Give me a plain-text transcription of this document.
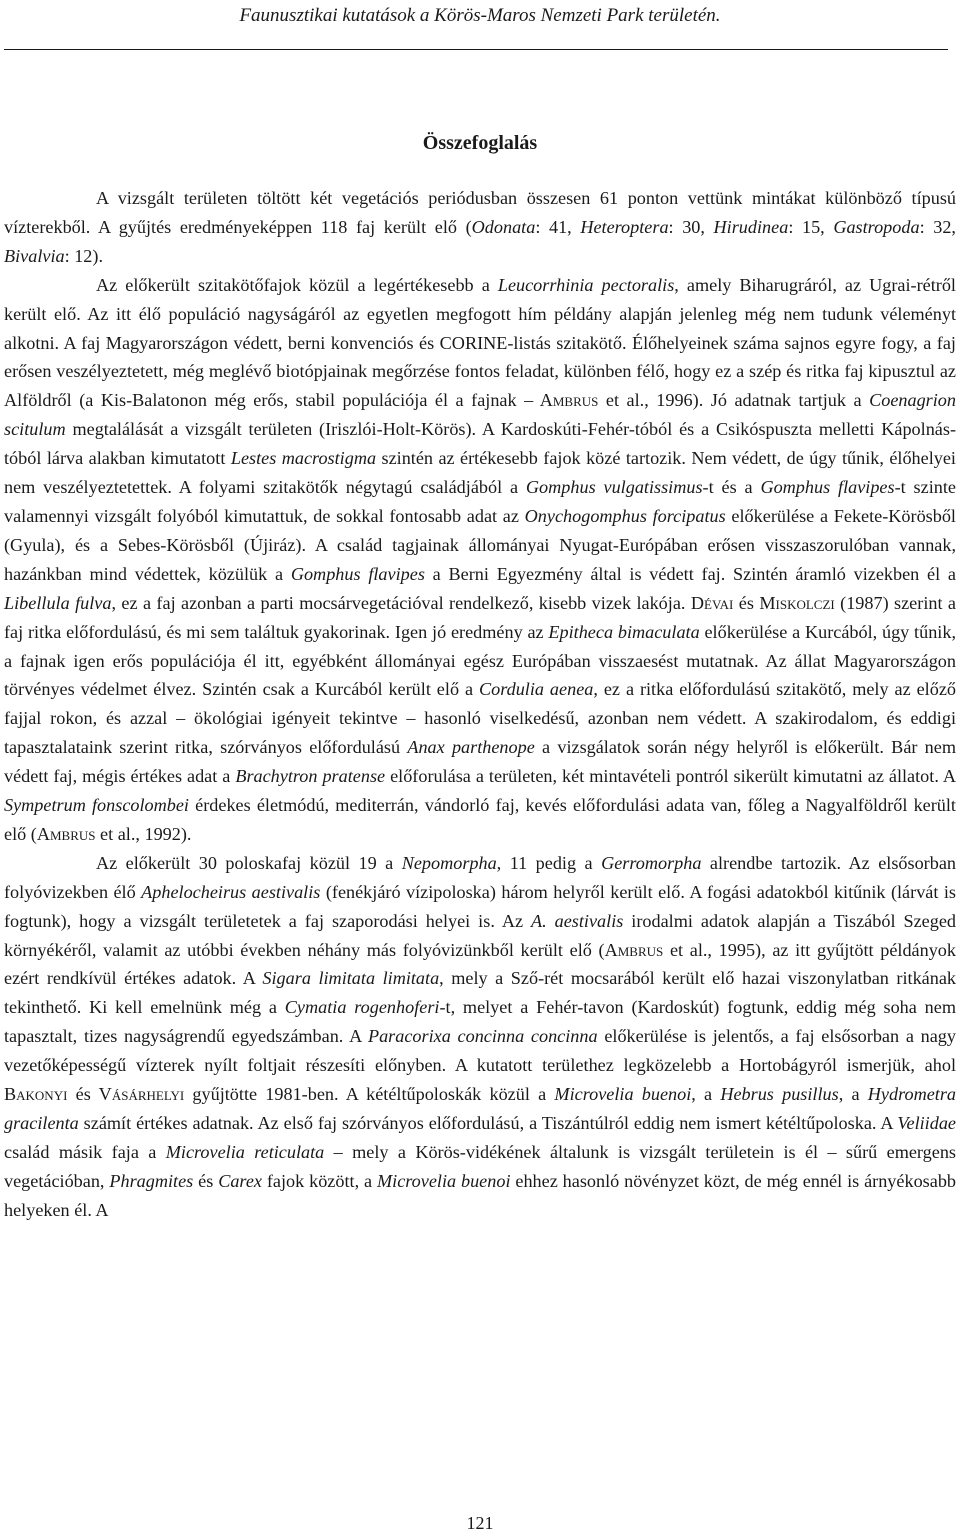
Faunusztikai kutatások a Körös-Maros Nemzeti Park területén.
Összefoglalás

A vizsgált területen töltött két vegetációs periódusban összesen 61 ponton vettünk mintákat különböző típusú vízterekből. A gyűjtés eredményeképpen 118 faj került elő (Odonata: 41, Heteroptera: 30, Hirudinea: 15, Gastropoda: 32, Bivalvia: 12).

Az előkerült szitakötőfajok közül a legértékesebb a Leucorrhinia pectoralis, amely Biharugráról, az Ugrai-rétről került elő. Az itt élő populáció nagyságáról az egyetlen megfogott hím példány alapján jelenleg még nem tudunk véleményt alkotni. A faj Magyarországon védett, berni konvenciós és CORINE-listás szitakötő. Élőhelyeinek száma sajnos egyre fogy, a faj erősen veszélyeztetett, még meglévő biotópjainak megőrzése fontos feladat, különben félő, hogy ez a szép és ritka faj kipusztul az Alföldről (a Kis-Balatonon még erős, stabil populációja él a fajnak – Ambrus et al., 1996). Jó adatnak tartjuk a Coenagrion scitulum megtalálását a vizsgált területen (Iriszlói-Holt-Körös). A Kardoskúti-Fehér-tóból és a Csikóspuszta melletti Kápolnás-tóból lárva alakban kimutatott Lestes macrostigma szintén az értékesebb fajok közé tartozik. Nem védett, de úgy tűnik, élőhelyei nem veszélyeztetettek. A folyami szitakötők négytagú családjából a Gomphus vulgatissimus-t és a Gomphus flavipes-t szinte valamennyi vizsgált folyóból kimutattuk, de sokkal fontosabb adat az Onychogomphus forcipatus előkerülése a Fekete-Körösből (Gyula), és a Sebes-Körösből (Újiráz). A család tagjainak állományai Nyugat-Európában erősen visszaszorulóban vannak, hazánkban mind védettek, közülük a Gomphus flavipes a Berni Egyezmény által is védett faj. Szintén áramló vizekben él a Libellula fulva, ez a faj azonban a parti mocsárvegetációval rendelkező, kisebb vizek lakója. Dévai és Miskolczi (1987) szerint a faj ritka előfordulású, és mi sem találtuk gyakorinak. Igen jó eredmény az Epitheca bimaculata előkerülése a Kurcából, úgy tűnik, a fajnak igen erős populációja él itt, egyébként állományai egész Európában visszaesést mutatnak. Az állat Magyarországon törvényes védelmet élvez. Szintén csak a Kurcából került elő a Cordulia aenea, ez a ritka előfordulású szitakötő, mely az előző fajjal rokon, és azzal – ökológiai igényeit tekintve – hasonló viselkedésű, azonban nem védett. A szakirodalom, és eddigi tapasztalataink szerint ritka, szórványos előfordulású Anax parthenope a vizsgálatok során négy helyről is előkerült. Bár nem védett faj, mégis értékes adat a Brachytron pratense előforulása a területen, két mintavételi pontról sikerült kimutatni az állatot. A Sympetrum fonscolombei érdekes életmódú, mediterrán, vándorló faj, kevés előfordulási adata van, főleg a Nagyalföldről került elő (Ambrus et al., 1992).

Az előkerült 30 poloskafaj közül 19 a Nepomorpha, 11 pedig a Gerromorpha alrendbe tartozik. Az elsősorban folyóvizekben élő Aphelocheirus aestivalis (fenékjáró vízipoloska) három helyről került elő. A fogási adatokból kitűnik (lárvát is fogtunk), hogy a vizsgált területetek a faj szaporodási helyei is. Az A. aestivalis irodalmi adatok alapján a Tiszából Szeged környékéről, valamit az utóbbi években néhány más folyóvizünkből került elő (Ambrus et al., 1995), az itt gyűjtött példányok ezért rendkívül értékes adatok. A Sigara limitata limitata, mely a Sző-rét mocsarából került elő hazai viszonylatban ritkának tekinthető. Ki kell emelnünk még a Cymatia rogenhoferi-t, melyet a Fehér-tavon (Kardoskút) fogtunk, eddig még soha nem tapasztalt, tizes nagyságrendű egyedszámban. A Paracorixa concinna concinna előkerülése is jelentős, a faj elsősorban a nagy vezetőképességű vízterek nyílt foltjait részesíti előnyben. A kutatott területhez legközelebb a Hortobágyról ismerjük, ahol Bakonyi és Vásárhelyi gyűjtötte 1981-ben. A kétéltűpoloskák közül a Microvelia buenoi, a Hebrus pusillus, a Hydrometra gracilenta számít értékes adatnak. Az első faj szórványos előfordulású, a Tiszántúlról eddig nem ismert kétéltűpoloska. A Veliidae család másik faja a Microvelia reticulata – mely a Körös-vidékének általunk is vizsgált területein is él – sűrű emergens vegetációban, Phragmites és Carex fajok között, a Microvelia buenoi ehhez hasonló növényzet közt, de még ennél is árnyékosabb helyeken él. A

121
